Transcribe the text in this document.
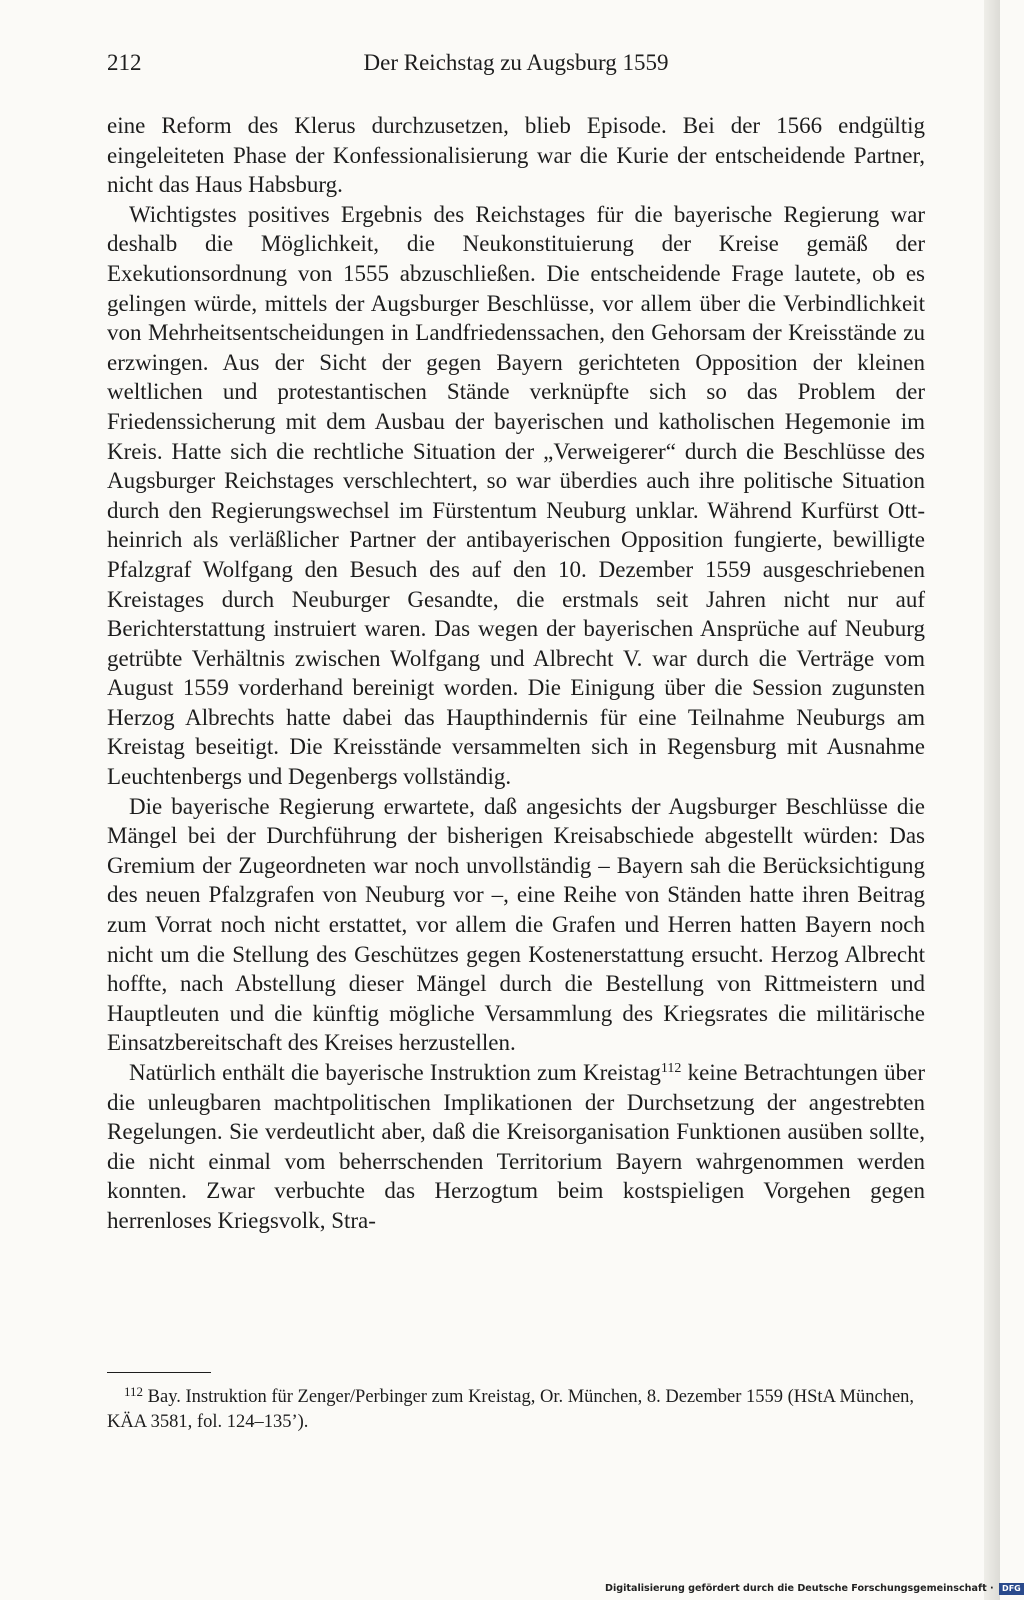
212	Der Reichstag zu Augsburg 1559

eine Reform des Klerus durchzusetzen, blieb Episode. Bei der 1566 endgültig eingeleiteten Phase der Konfessionalisierung war die Kurie der entscheidende Partner, nicht das Haus Habsburg.

Wichtigstes positives Ergebnis des Reichstages für die bayerische Regierung war deshalb die Möglichkeit, die Neukonstituierung der Kreise gemäß der Exekutionsordnung von 1555 abzuschließen. Die entscheidende Frage lautete, ob es gelingen würde, mittels der Augsburger Beschlüsse, vor allem über die Verbindlichkeit von Mehrheitsentscheidungen in Landfriedenssachen, den Gehorsam der Kreisstände zu erzwingen. Aus der Sicht der gegen Bayern gerichteten Opposition der kleinen weltlichen und protestantischen Stände verknüpfte sich so das Problem der Friedenssicherung mit dem Ausbau der bayerischen und katholischen Hegemonie im Kreis. Hatte sich die rechtliche Situation der „Verweigerer“ durch die Beschlüsse des Augsburger Reichstages verschlechtert, so war überdies auch ihre politische Situation durch den Regierungswechsel im Fürstentum Neuburg unklar. Während Kurfürst Ottheinrich als verläßlicher Partner der antibayerischen Opposition fungierte, bewilligte Pfalzgraf Wolfgang den Besuch des auf den 10. Dezember 1559 ausgeschriebenen Kreistages durch Neuburger Gesandte, die erstmals seit Jahren nicht nur auf Berichterstattung instruiert waren. Das wegen der bayerischen Ansprüche auf Neuburg getrübte Verhältnis zwischen Wolfgang und Albrecht V. war durch die Verträge vom August 1559 vorderhand bereinigt worden. Die Einigung über die Session zugunsten Herzog Albrechts hatte dabei das Haupthindernis für eine Teilnahme Neuburgs am Kreistag beseitigt. Die Kreisstände versammelten sich in Regensburg mit Ausnahme Leuchtenbergs und Degenbergs vollständig.

Die bayerische Regierung erwartete, daß angesichts der Augsburger Beschlüsse die Mängel bei der Durchführung der bisherigen Kreisabschiede abgestellt würden: Das Gremium der Zugeordneten war noch unvollständig – Bayern sah die Berücksichtigung des neuen Pfalzgrafen von Neuburg vor –, eine Reihe von Ständen hatte ihren Beitrag zum Vorrat noch nicht erstattet, vor allem die Grafen und Herren hatten Bayern noch nicht um die Stellung des Geschützes gegen Kostenerstattung ersucht. Herzog Albrecht hoffte, nach Abstellung dieser Mängel durch die Bestellung von Rittmeistern und Hauptleuten und die künftig mögliche Versammlung des Kriegsrates die militärische Einsatzbereitschaft des Kreises herzustellen.

Natürlich enthält die bayerische Instruktion zum Kreistag$^{112}$ keine Betrachtungen über die unleugbaren machtpolitischen Implikationen der Durchsetzung der angestrebten Regelungen. Sie verdeutlicht aber, daß die Kreisorganisation Funktionen ausüben sollte, die nicht einmal vom beherrschenden Territorium Bayern wahrgenommen werden konnten. Zwar verbuchte das Herzogtum beim kostspieligen Vorgehen gegen herrenloses Kriegsvolk, Stra-

$^{112}$ Bay. Instruktion für Zenger/Perbinger zum Kreistag, Or. München, 8. Dezember 1559 (HStA München, KÄA 3581, fol. 124–135’).
Digitalisierung gefördert durch die Deutsche Forschungsgemeinschaft · DFG
